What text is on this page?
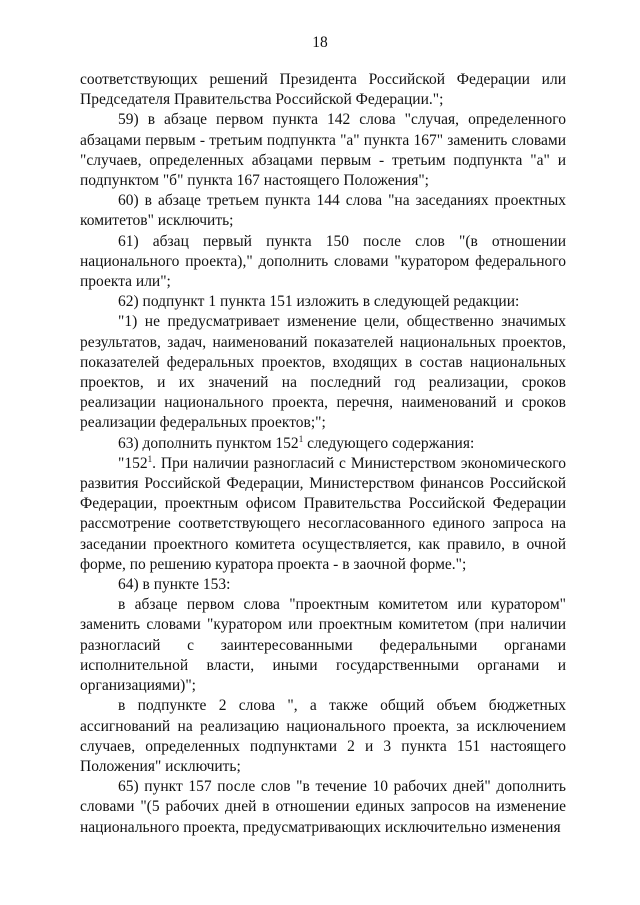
18

соответствующих решений Президента Российской Федерации или Председателя Правительства Российской Федерации.";

59) в абзаце первом пункта 142 слова "случая, определенного абзацами первым - третьим подпункта "а" пункта 167" заменить словами "случаев, определенных абзацами первым - третьим подпункта "а" и подпунктом "б" пункта 167 настоящего Положения";

60) в абзаце третьем пункта 144 слова "на заседаниях проектных комитетов" исключить;

61) абзац первый пункта 150 после слов "(в отношении национального проекта)," дополнить словами "куратором федерального проекта или";

62) подпункт 1 пункта 151 изложить в следующей редакции:

"1) не предусматривает изменение цели, общественно значимых результатов, задач, наименований показателей национальных проектов, показателей федеральных проектов, входящих в состав национальных проектов, и их значений на последний год реализации, сроков реализации национального проекта, перечня, наименований и сроков реализации федеральных проектов;";

63) дополнить пунктом $152^1$ следующего содержания:

"$152^1$. При наличии разногласий с Министерством экономического развития Российской Федерации, Министерством финансов Российской Федерации, проектным офисом Правительства Российской Федерации рассмотрение соответствующего несогласованного единого запроса на заседании проектного комитета осуществляется, как правило, в очной форме, по решению куратора проекта - в заочной форме.";

64) в пункте 153:

в абзаце первом слова "проектным комитетом или куратором" заменить словами "куратором или проектным комитетом (при наличии разногласий с заинтересованными федеральными органами исполнительной власти, иными государственными органами и организациями)";

в подпункте 2 слова ", а также общий объем бюджетных ассигнований на реализацию национального проекта, за исключением случаев, определенных подпунктами 2 и 3 пункта 151 настоящего Положения" исключить;

65) пункт 157 после слов "в течение 10 рабочих дней" дополнить словами "(5 рабочих дней в отношении единых запросов на изменение национального проекта, предусматривающих исключительно изменения
